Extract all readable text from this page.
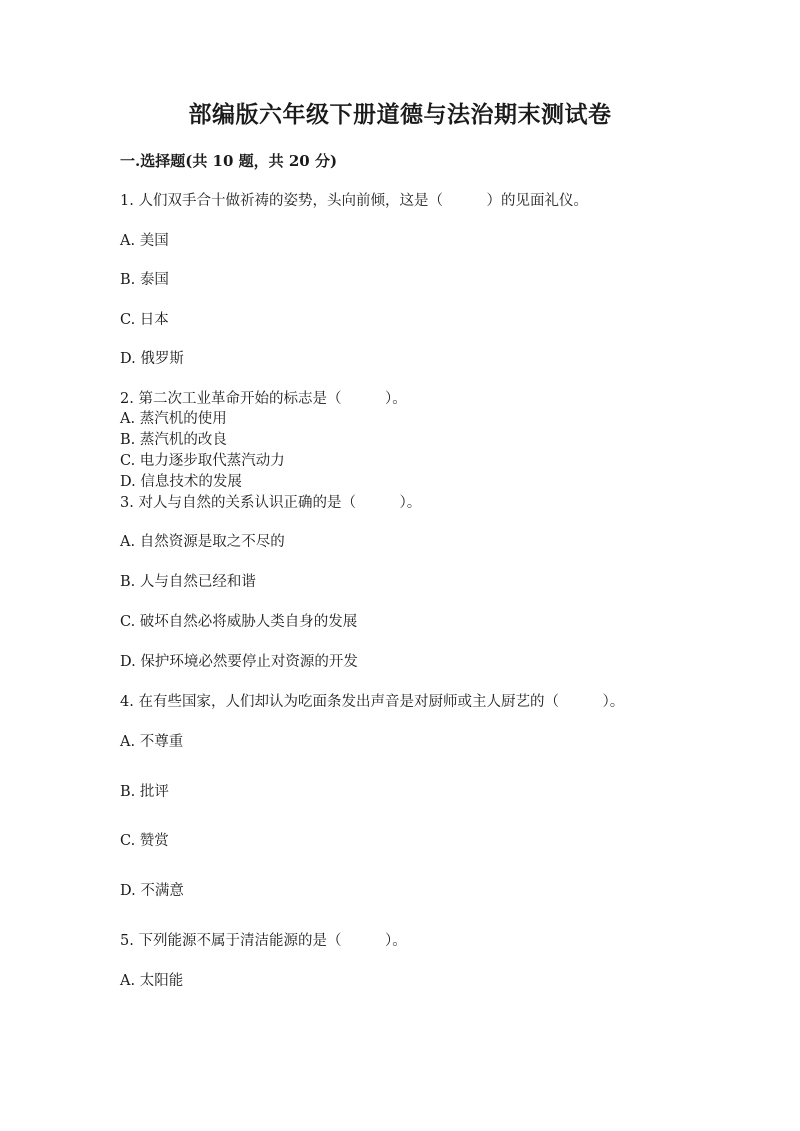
部编版六年级下册道德与法治期末测试卷
一.选择题(共 10 题，共 20 分)
1. 人们双手合十做祈祷的姿势，头向前倾，这是（　　　）的见面礼仪。
A. 美国
B. 泰国
C. 日本
D. 俄罗斯
2. 第二次工业革命开始的标志是（　　　）。
A. 蒸汽机的使用
B. 蒸汽机的改良
C. 电力逐步取代蒸汽动力
D. 信息技术的发展
3. 对人与自然的关系认识正确的是（　　　）。
A. 自然资源是取之不尽的
B. 人与自然已经和谐
C. 破坏自然必将威胁人类自身的发展
D. 保护环境必然要停止对资源的开发
4. 在有些国家，人们却认为吃面条发出声音是对厨师或主人厨艺的（　　　）。
A. 不尊重
B. 批评
C. 赞赏
D. 不满意
5. 下列能源不属于清洁能源的是（　　　）。
A. 太阳能
